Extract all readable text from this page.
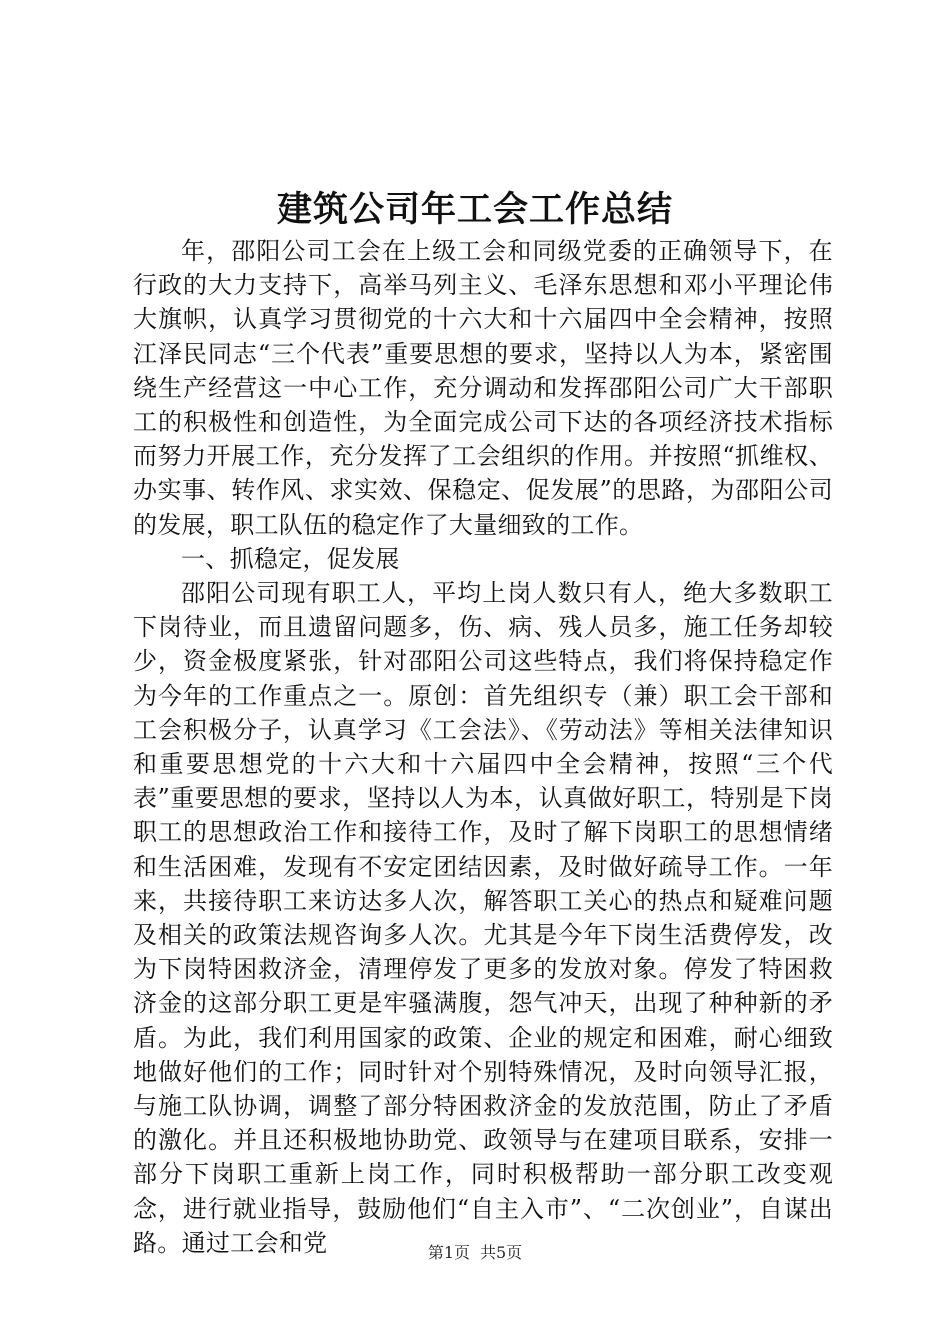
建筑公司年工会工作总结

年，邵阳公司工会在上级工会和同级党委的正确领导下，在行政的大力支持下，高举马列主义、毛泽东思想和邓小平理论伟大旗帜，认真学习贯彻党的十六大和十六届四中全会精神，按照江泽民同志“三个代表”重要思想的要求，坚持以人为本，紧密围绕生产经营这一中心工作，充分调动和发挥邵阳公司广大干部职工的积极性和创造性，为全面完成公司下达的各项经济技术指标而努力开展工作，充分发挥了工会组织的作用。并按照“抓维权、办实事、转作风、求实效、保稳定、促发展”的思路，为邵阳公司的发展，职工队伍的稳定作了大量细致的工作。

一、抓稳定，促发展

邵阳公司现有职工人，平均上岗人数只有人，绝大多数职工下岗待业，而且遗留问题多，伤、病、残人员多，施工任务却较少，资金极度紧张，针对邵阳公司这些特点，我们将保持稳定作为今年的工作重点之一。原创：首先组织专（兼）职工会干部和工会积极分子，认真学习《工会法》、《劳动法》等相关法律知识和重要思想党的十六大和十六届四中全会精神，按照“三个代表”重要思想的要求，坚持以人为本，认真做好职工，特别是下岗职工的思想政治工作和接待工作，及时了解下岗职工的思想情绪和生活困难，发现有不安定团结因素，及时做好疏导工作。一年来，共接待职工来访达多人次，解答职工关心的热点和疑难问题及相关的政策法规咨询多人次。尤其是今年下岗生活费停发，改为下岗特困救济金，清理停发了更多的发放对象。停发了特困救济金的这部分职工更是牢骚满腹，怨气冲天，出现了种种新的矛盾。为此，我们利用国家的政策、企业的规定和困难，耐心细致地做好他们的工作；同时针对个别特殊情况，及时向领导汇报，与施工队协调，调整了部分特困救济金的发放范围，防止了矛盾的激化。并且还积极地协助党、政领导与在建项目联系，安排一部分下岗职工重新上岗工作，同时积极帮助一部分职工改变观念，进行就业指导，鼓励他们“自主入市”、“二次创业”，自谋出路。通过工会和党	第1页 共5页
